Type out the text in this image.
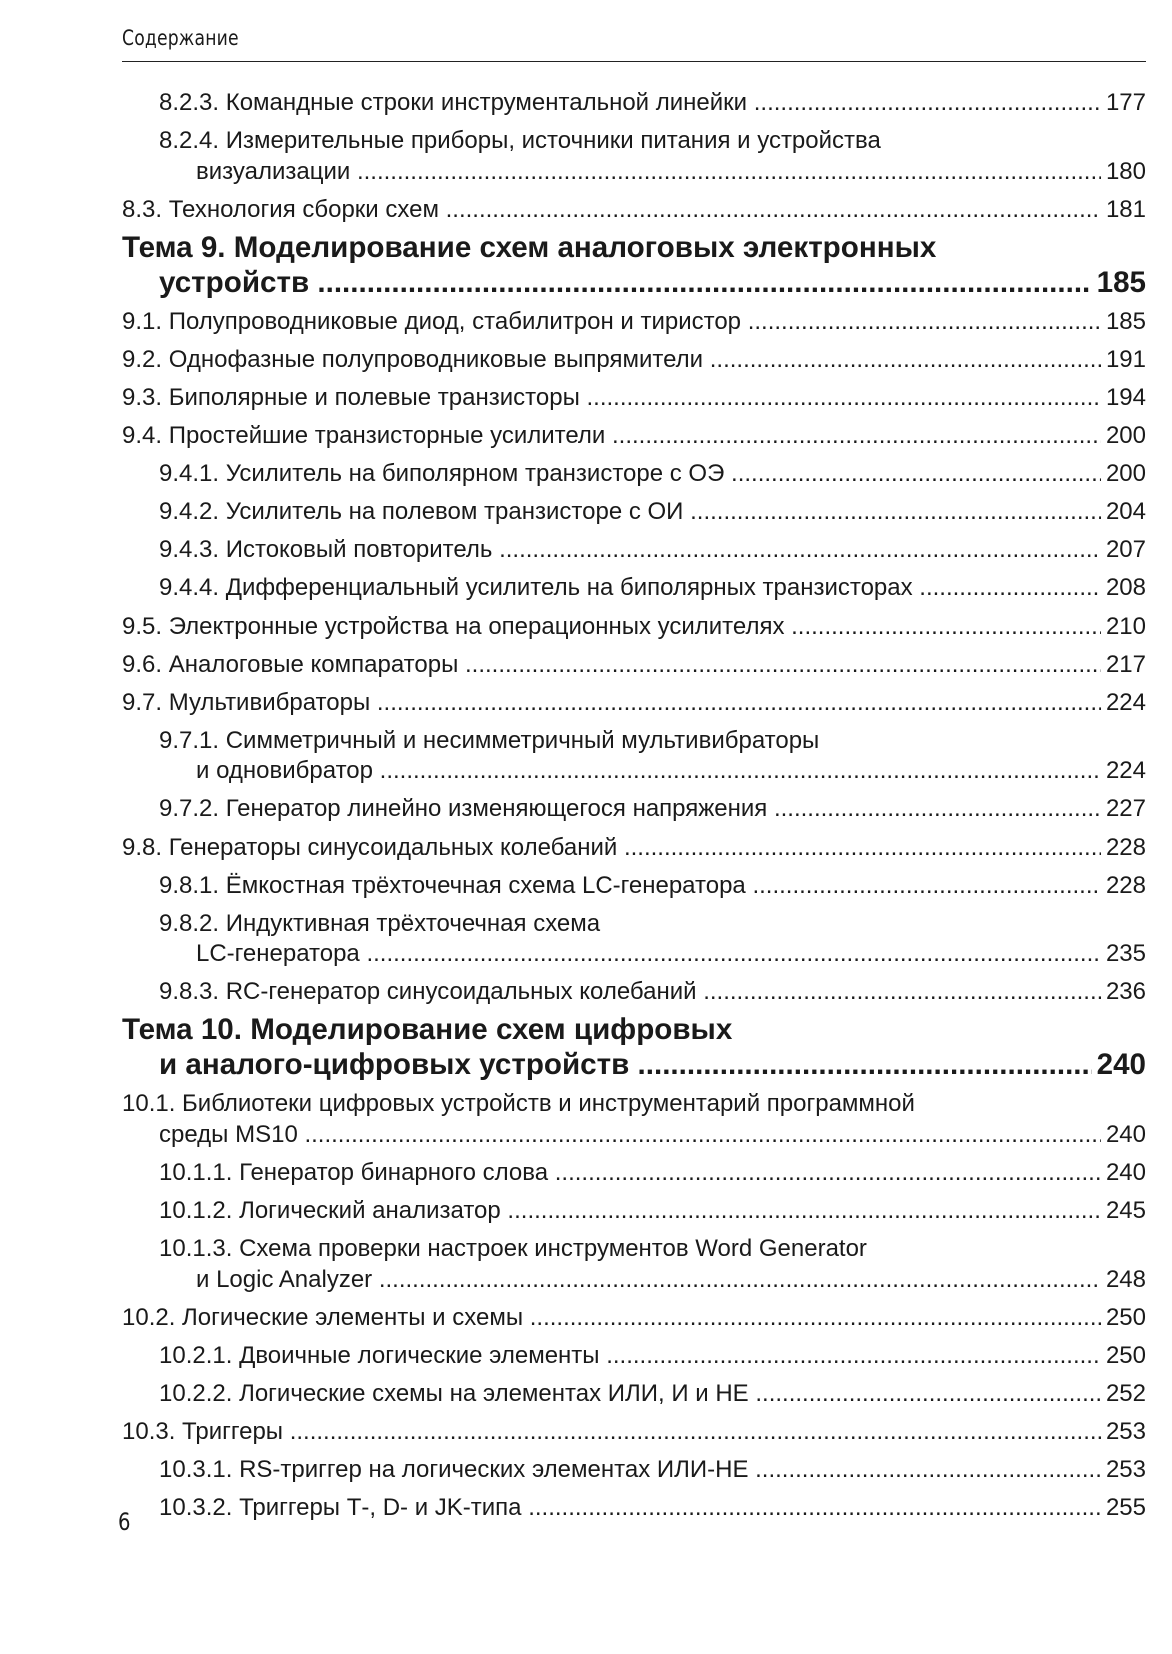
Содержание
8.2.3. Командные строки инструментальной линейки .....	177
8.2.4. Измерительные приборы, источники питания и устройства
визуализации .....	180
8.3. Технология сборки схем .....	181
Тема 9. Моделирование схем аналоговых электронных
устройств .....	185
9.1. Полупроводниковые диод, стабилитрон и тиристор .....	185
9.2. Однофазные полупроводниковые выпрямители .....	191
9.3. Биполярные и полевые транзисторы .....	194
9.4. Простейшие транзисторные усилители .....	200
9.4.1. Усилитель на биполярном транзисторе с ОЭ .....	200
9.4.2. Усилитель на полевом транзисторе с ОИ .....	204
9.4.3. Истоковый повторитель .....	207
9.4.4. Дифференциальный усилитель на биполярных транзисторах .....	208
9.5. Электронные устройства на операционных усилителях .....	210
9.6. Аналоговые компараторы .....	217
9.7. Мультивибраторы .....	224
9.7.1. Симметричный и несимметричный мультивибраторы
и одновибратор .....	224
9.7.2. Генератор линейно изменяющегося напряжения .....	227
9.8. Генераторы синусоидальных колебаний .....	228
9.8.1. Ёмкостная трёхточечная схема LC-генератора .....	228
9.8.2. Индуктивная трёхточечная схема
LC-генератора .....	235
9.8.3. RC-генератор синусоидальных колебаний .....	236
Тема 10. Моделирование схем цифровых
и аналого-цифровых устройств .....	240
10.1. Библиотеки цифровых устройств и инструментарий программной
среды MS10 .....	240
10.1.1. Генератор бинарного слова .....	240
10.1.2. Логический анализатор .....	245
10.1.3. Схема проверки настроек инструментов Word Generator
и Logic Analyzer .....	248
10.2. Логические элементы и схемы .....	250
10.2.1. Двоичные логические элементы .....	250
10.2.2. Логические схемы на элементах ИЛИ, И и НЕ .....	252
10.3. Триггеры .....	253
10.3.1. RS-триггер на логических элементах ИЛИ-НЕ .....	253
10.3.2. Триггеры Т-, D- и JK-типа .....	255
6
